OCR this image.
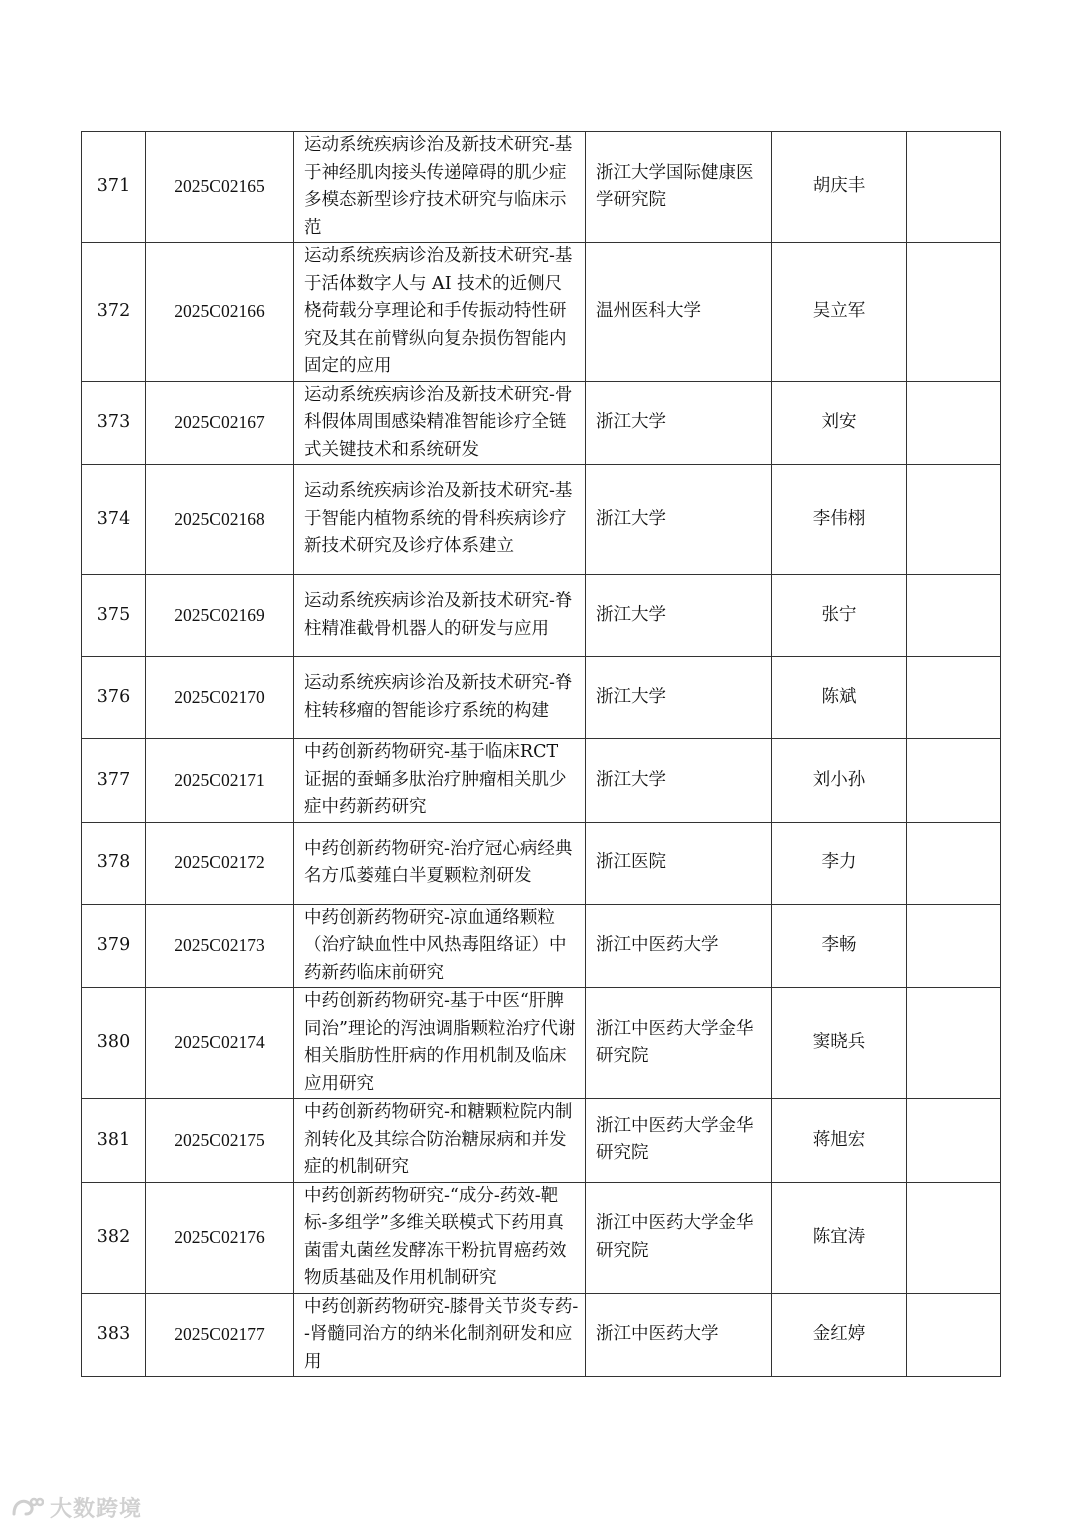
371	2025C02165	运动系统疾病诊治及新技术研究-基于神经肌肉接头传递障碍的肌少症多模态新型诊疗技术研究与临床示范	浙江大学国际健康医学研究院	胡庆丰	
372	2025C02166	运动系统疾病诊治及新技术研究-基于活体数字人与 AI 技术的近侧尺桡荷载分享理论和手传振动特性研究及其在前臂纵向复杂损伤智能内固定的应用	温州医科大学	吴立军	
373	2025C02167	运动系统疾病诊治及新技术研究-骨科假体周围感染精准智能诊疗全链式关键技术和系统研发	浙江大学	刘安	
374	2025C02168	运动系统疾病诊治及新技术研究-基于智能内植物系统的骨科疾病诊疗新技术研究及诊疗体系建立	浙江大学	李伟栩	
375	2025C02169	运动系统疾病诊治及新技术研究-脊柱精准截骨机器人的研发与应用	浙江大学	张宁	
376	2025C02170	运动系统疾病诊治及新技术研究-脊柱转移瘤的智能诊疗系统的构建	浙江大学	陈斌	
377	2025C02171	中药创新药物研究-基于临床RCT 证据的蚕蛹多肽治疗肿瘤相关肌少症中药新药研究	浙江大学	刘小孙	
378	2025C02172	中药创新药物研究-治疗冠心病经典名方瓜蒌薤白半夏颗粒剂研发	浙江医院	李力	
379	2025C02173	中药创新药物研究-凉血通络颗粒（治疗缺血性中风热毒阻络证）中药新药临床前研究	浙江中医药大学	李畅	
380	2025C02174	中药创新药物研究-基于中医“肝脾同治”理论的泻浊调脂颗粒治疗代谢相关脂肪性肝病的作用机制及临床应用研究	浙江中医药大学金华研究院	窦晓兵	
381	2025C02175	中药创新药物研究-和糖颗粒院内制剂转化及其综合防治糖尿病和并发症的机制研究	浙江中医药大学金华研究院	蒋旭宏	
382	2025C02176	中药创新药物研究-“成分-药效-靶标-多组学”多维关联模式下药用真菌雷丸菌丝发酵冻干粉抗胃癌药效物质基础及作用机制研究	浙江中医药大学金华研究院	陈宜涛	
383	2025C02177	中药创新药物研究-膝骨关节炎专药--肾髓同治方的纳米化制剂研发和应用	浙江中医药大学	金红婷	
大数跨境
